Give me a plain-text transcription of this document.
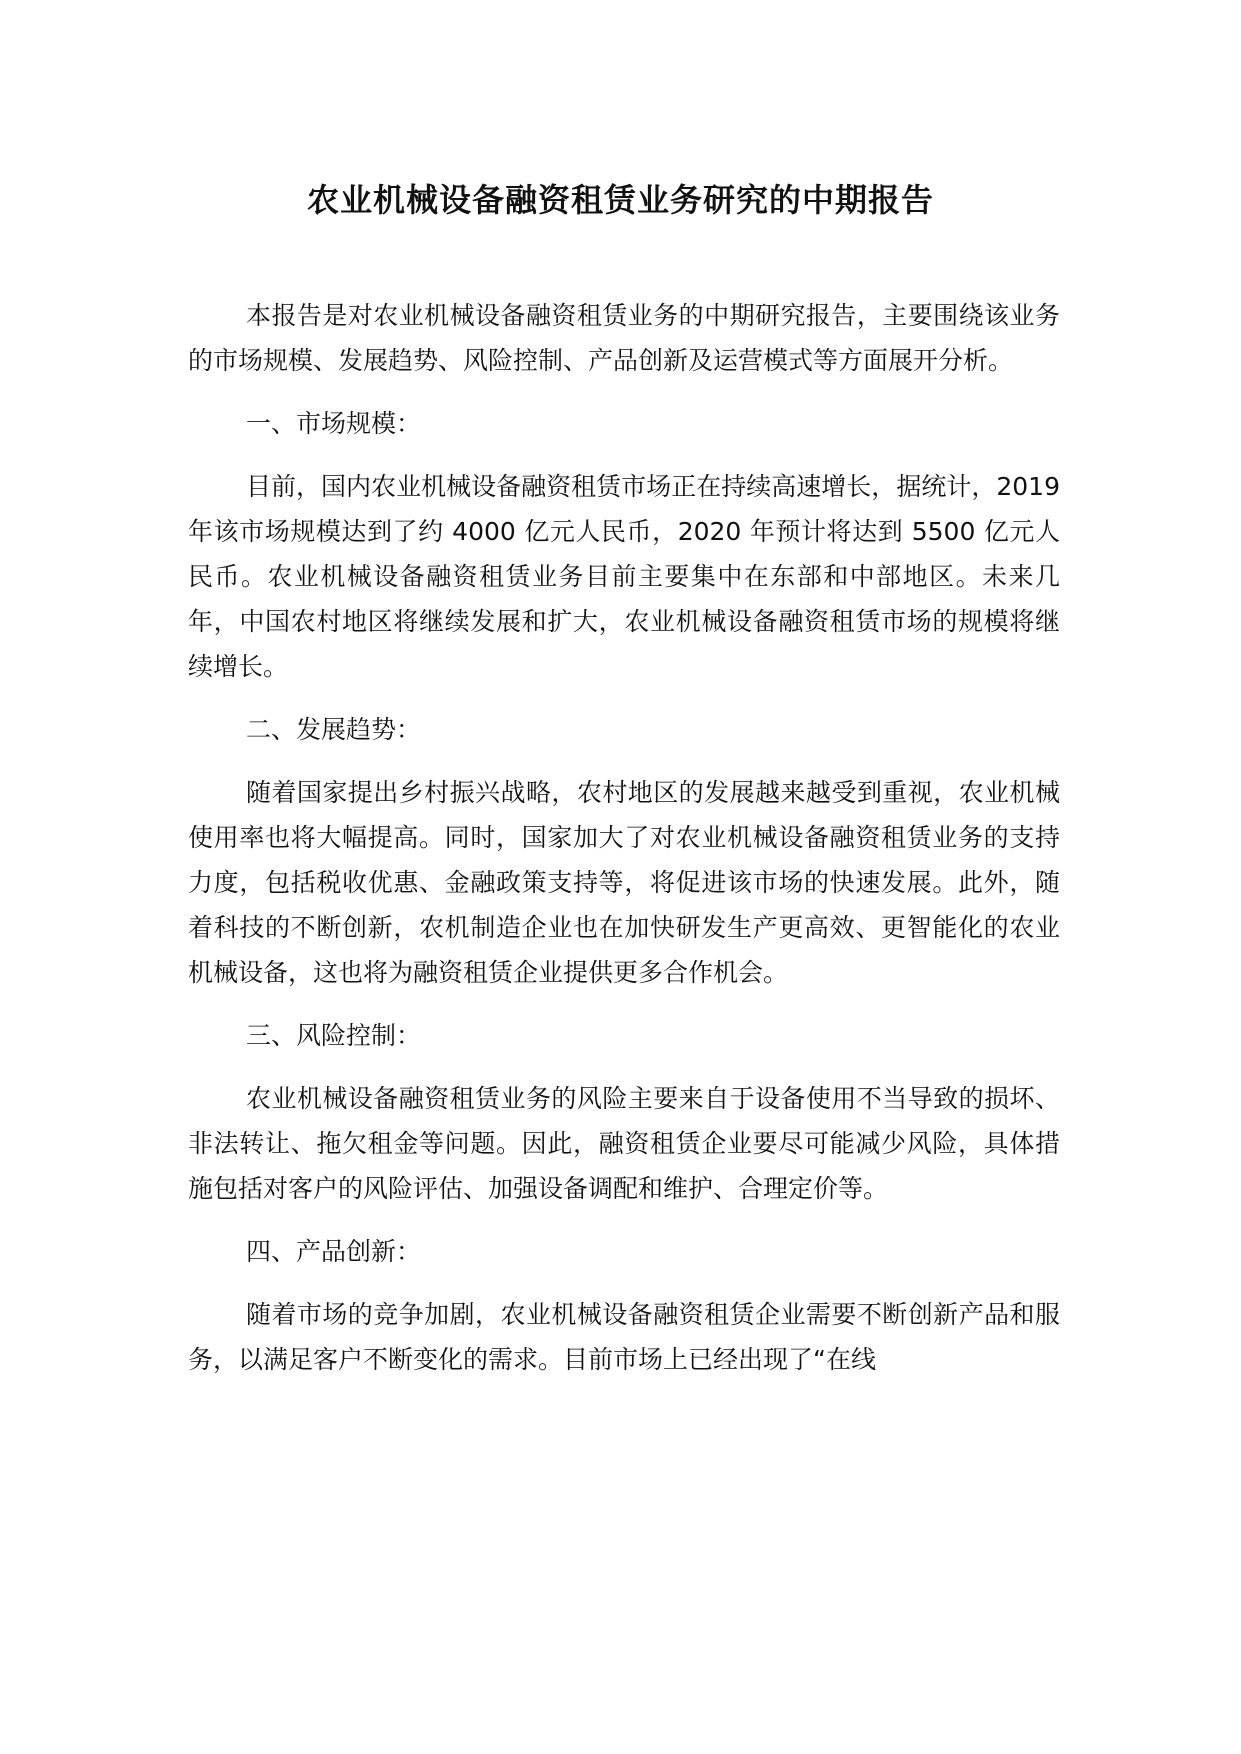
农业机械设备融资租赁业务研究的中期报告

本报告是对农业机械设备融资租赁业务的中期研究报告，主要围绕该业务的市场规模、发展趋势、风险控制、产品创新及运营模式等方面展开分析。

一、市场规模：

目前，国内农业机械设备融资租赁市场正在持续高速增长，据统计，2019 年该市场规模达到了约 4000 亿元人民币，2020 年预计将达到 5500 亿元人民币。农业机械设备融资租赁业务目前主要集中在东部和中部地区。未来几年，中国农村地区将继续发展和扩大，农业机械设备融资租赁市场的规模将继续增长。

二、发展趋势：

随着国家提出乡村振兴战略，农村地区的发展越来越受到重视，农业机械使用率也将大幅提高。同时，国家加大了对农业机械设备融资租赁业务的支持力度，包括税收优惠、金融政策支持等，将促进该市场的快速发展。此外，随着科技的不断创新，农机制造企业也在加快研发生产更高效、更智能化的农业机械设备，这也将为融资租赁企业提供更多合作机会。

三、风险控制：

农业机械设备融资租赁业务的风险主要来自于设备使用不当导致的损坏、非法转让、拖欠租金等问题。因此，融资租赁企业要尽可能减少风险，具体措施包括对客户的风险评估、加强设备调配和维护、合理定价等。

四、产品创新：

随着市场的竞争加剧，农业机械设备融资租赁企业需要不断创新产品和服务，以满足客户不断变化的需求。目前市场上已经出现了“在线
